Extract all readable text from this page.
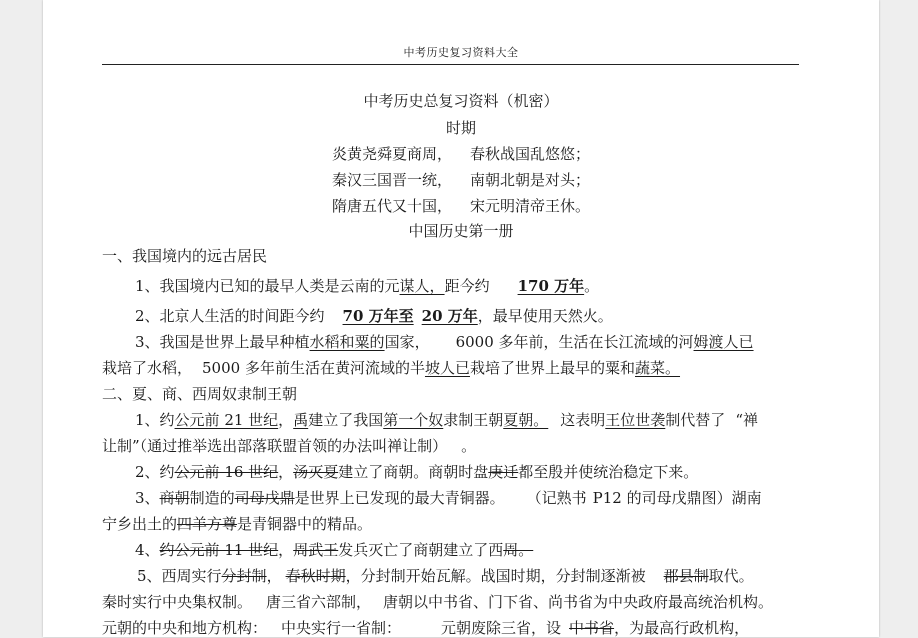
中考历史复习资料大全
中考历史总复习资料（机密）
时期
炎黄尧舜夏商周， 春秋战国乱悠悠；
秦汉三国晋一统， 南朝北朝是对头；
隋唐五代又十国， 宋元明清帝王休。
中国历史第一册
一、我国境内的远古居民
1、我国境内已知的最早人类是云南的元谋人，距今约 170 万年。
2、北京人生活的时间距今约 70 万年至 20 万年，最早使用天然火。
3、我国是世界上最早种植水稻和粟的国家， 6000 多年前，生活在长江流域的河姆渡人已
栽培了水稻， 5000 多年前生活在黄河流域的半坡人已栽培了世界上最早的粟和蔬菜。
二、夏、商、西周奴隶制王朝
1、约公元前 21 世纪，禹建立了我国第一个奴隶制王朝夏朝。 这表明王位世袭制代替了 “禅
让制”（通过推举选出部落联盟首领的办法叫禅让制） 。
2、约公元前 16 世纪，汤灭夏建立了商朝。商朝时盘庚迁都至殷并使统治稳定下来。
3、商朝制造的司母戊鼎是世界上已发现的最大青铜器。 （记熟书 P12 的司母戊鼎图）湖南
宁乡出土的四羊方尊是青铜器中的精品。
4、约公元前 11 世纪，周武王发兵灭亡了商朝建立了西周。
5、西周实行分封制， 春秋时期，分封制开始瓦解。战国时期，分封制逐渐被 郡县制取代。
秦时实行中央集权制。 唐三省六部制， 唐朝以中书省、门下省、尚书省为中央政府最高统治机构。
元朝的中央和地方机构： 中央实行一省制：	元朝废除三省，设 中书省，为最高行政机构，
